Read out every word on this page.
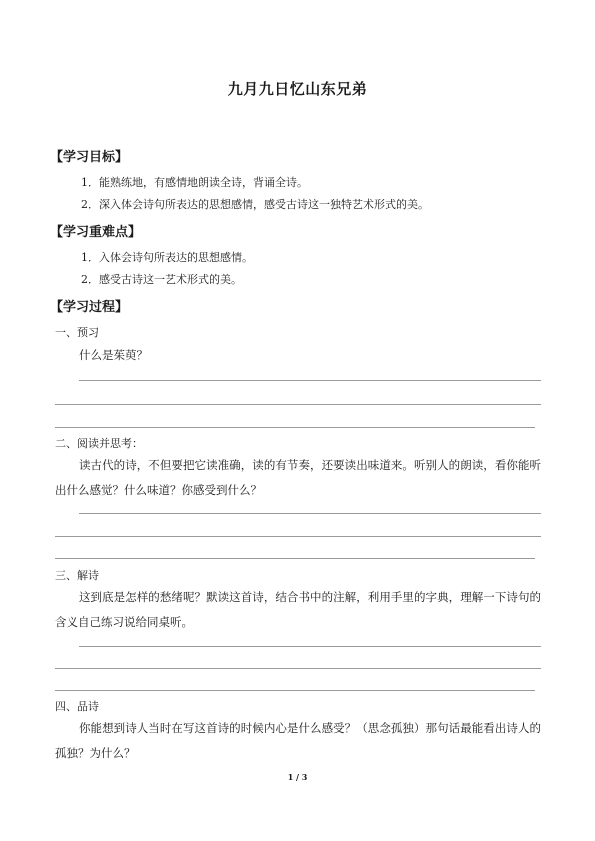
九月九日忆山东兄弟
【学习目标】
1．能熟练地，有感情地朗读全诗，背诵全诗。
2．深入体会诗句所表达的思想感情，感受古诗这一独特艺术形式的美。
【学习重难点】
1．入体会诗句所表达的思想感情。
2．感受古诗这一艺术形式的美。
【学习过程】
一、预习
什么是茱萸？
二、阅读并思考：
读古代的诗，不但要把它读准确，读的有节奏，还要读出味道来。听别人的朗读，看你能听出什么感觉？什么味道？你感受到什么？
三、解诗
这到底是怎样的愁绪呢？默读这首诗，结合书中的注解，利用手里的字典，理解一下诗句的含义自己练习说给同桌听。
四、品诗
你能想到诗人当时在写这首诗的时候内心是什么感受？（思念孤独）那句话最能看出诗人的孤独？为什么？
1 / 3
